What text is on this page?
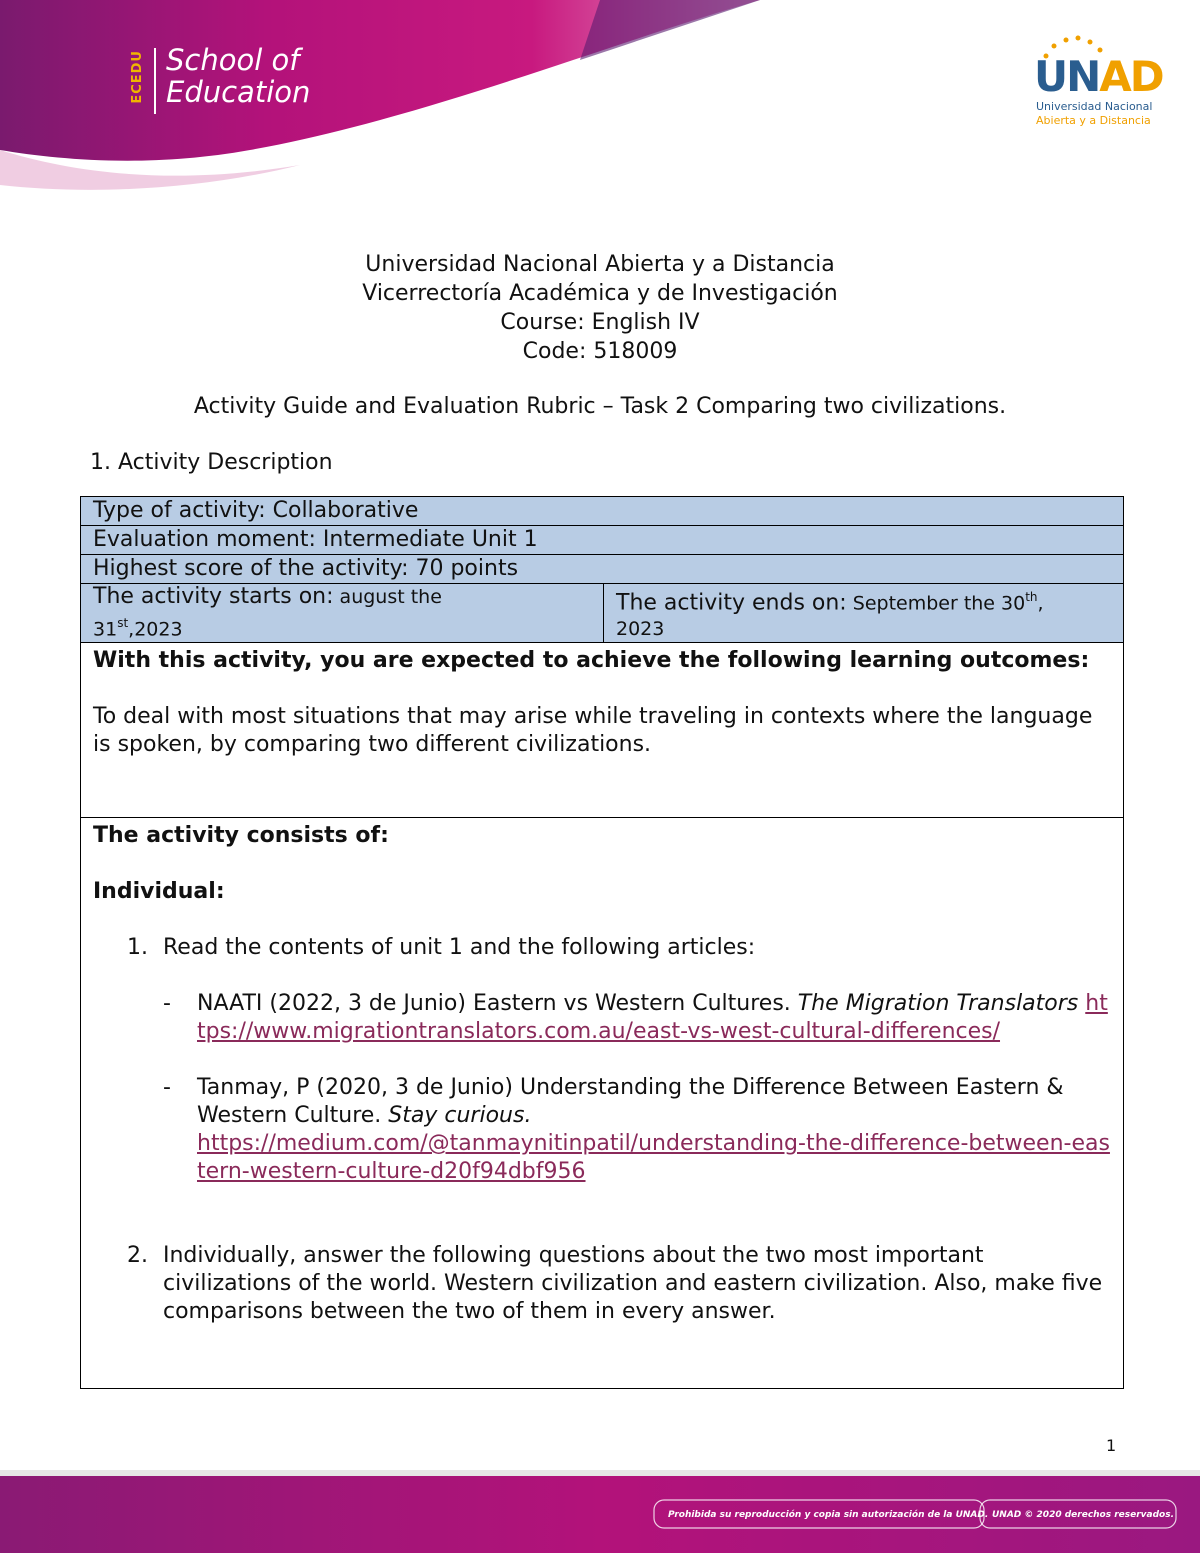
ECEDU School of
Education	UNAD
Universidad Nacional
Abierta y a Distancia
Universidad Nacional Abierta y a Distancia
Vicerrectoría Académica y de Investigación
Course: English IV
Code: 518009
Activity Guide and Evaluation Rubric – Task 2 Comparing two civilizations.
1. Activity Description
Type of activity: Collaborative
Evaluation moment: Intermediate Unit 1
Highest score of the activity: 70 points
The activity starts on: august the
31st,2023	The activity ends on: September the 30th,
2023

With this activity, you are expected to achieve the following learning outcomes:
To deal with most situations that may arise while traveling in contexts where the language is spoken, by comparing two different civilizations.

The activity consists of:
Individual:
1. Read the contents of unit 1 and the following articles:
- NAATI (2022, 3 de Junio) Eastern vs Western Cultures. The Migration Translators https://www.migrationtranslators.com.au/east-vs-west-cultural-differences/
- Tanmay, P (2020, 3 de Junio) Understanding the Difference Between Eastern & Western Culture. Stay curious.
https://medium.com/@tanmaynitinpatil/understanding-the-difference-between-eastern-western-culture-d20f94dbf956
2. Individually, answer the following questions about the two most important civilizations of the world. Western civilization and eastern civilization. Also, make five comparisons between the two of them in every answer.
1
Prohibida su reproducción y copia sin autorización de la UNAD. UNAD © 2020 derechos reservados.
